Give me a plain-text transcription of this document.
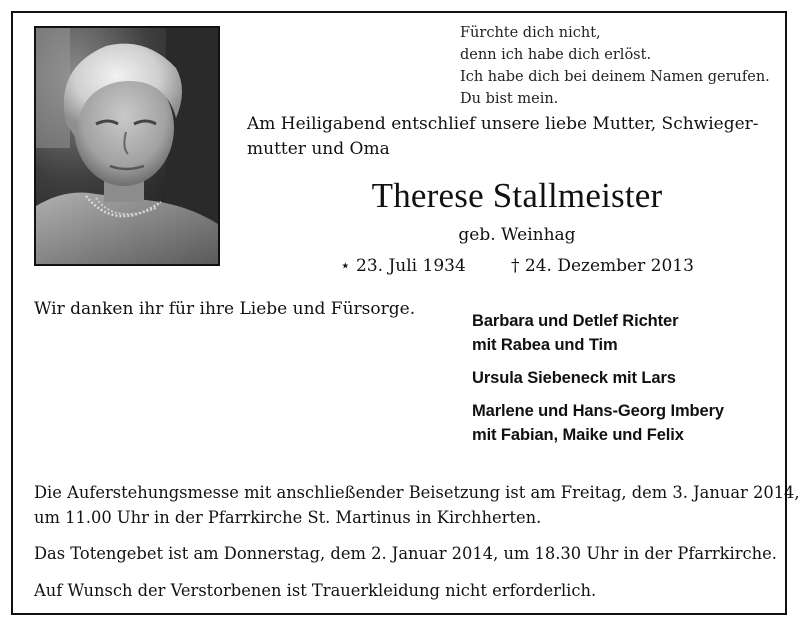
Fürchte dich nicht,
denn ich habe dich erlöst.
Ich habe dich bei deinem Namen gerufen.
Du bist mein.
Am Heiligabend entschlief unsere liebe Mutter, Schwieger-
mutter und Oma
Therese Stallmeister
geb. Weinhag
⋆ 23. Juli 1934	† 24. Dezember 2013
Wir danken ihr für ihre Liebe und Fürsorge.
Barbara und Detlef Richter
mit Rabea und Tim
Ursula Siebeneck mit Lars
Marlene und Hans-Georg Imbery
mit Fabian, Maike und Felix
Die Auferstehungsmesse mit anschließender Beisetzung ist am Freitag, dem 3. Januar 2014,
um 11.00 Uhr in der Pfarrkirche St. Martinus in Kirchherten.
Das Totengebet ist am Donnerstag, dem 2. Januar 2014, um 18.30 Uhr in der Pfarrkirche.
Auf Wunsch der Verstorbenen ist Trauerkleidung nicht erforderlich.
